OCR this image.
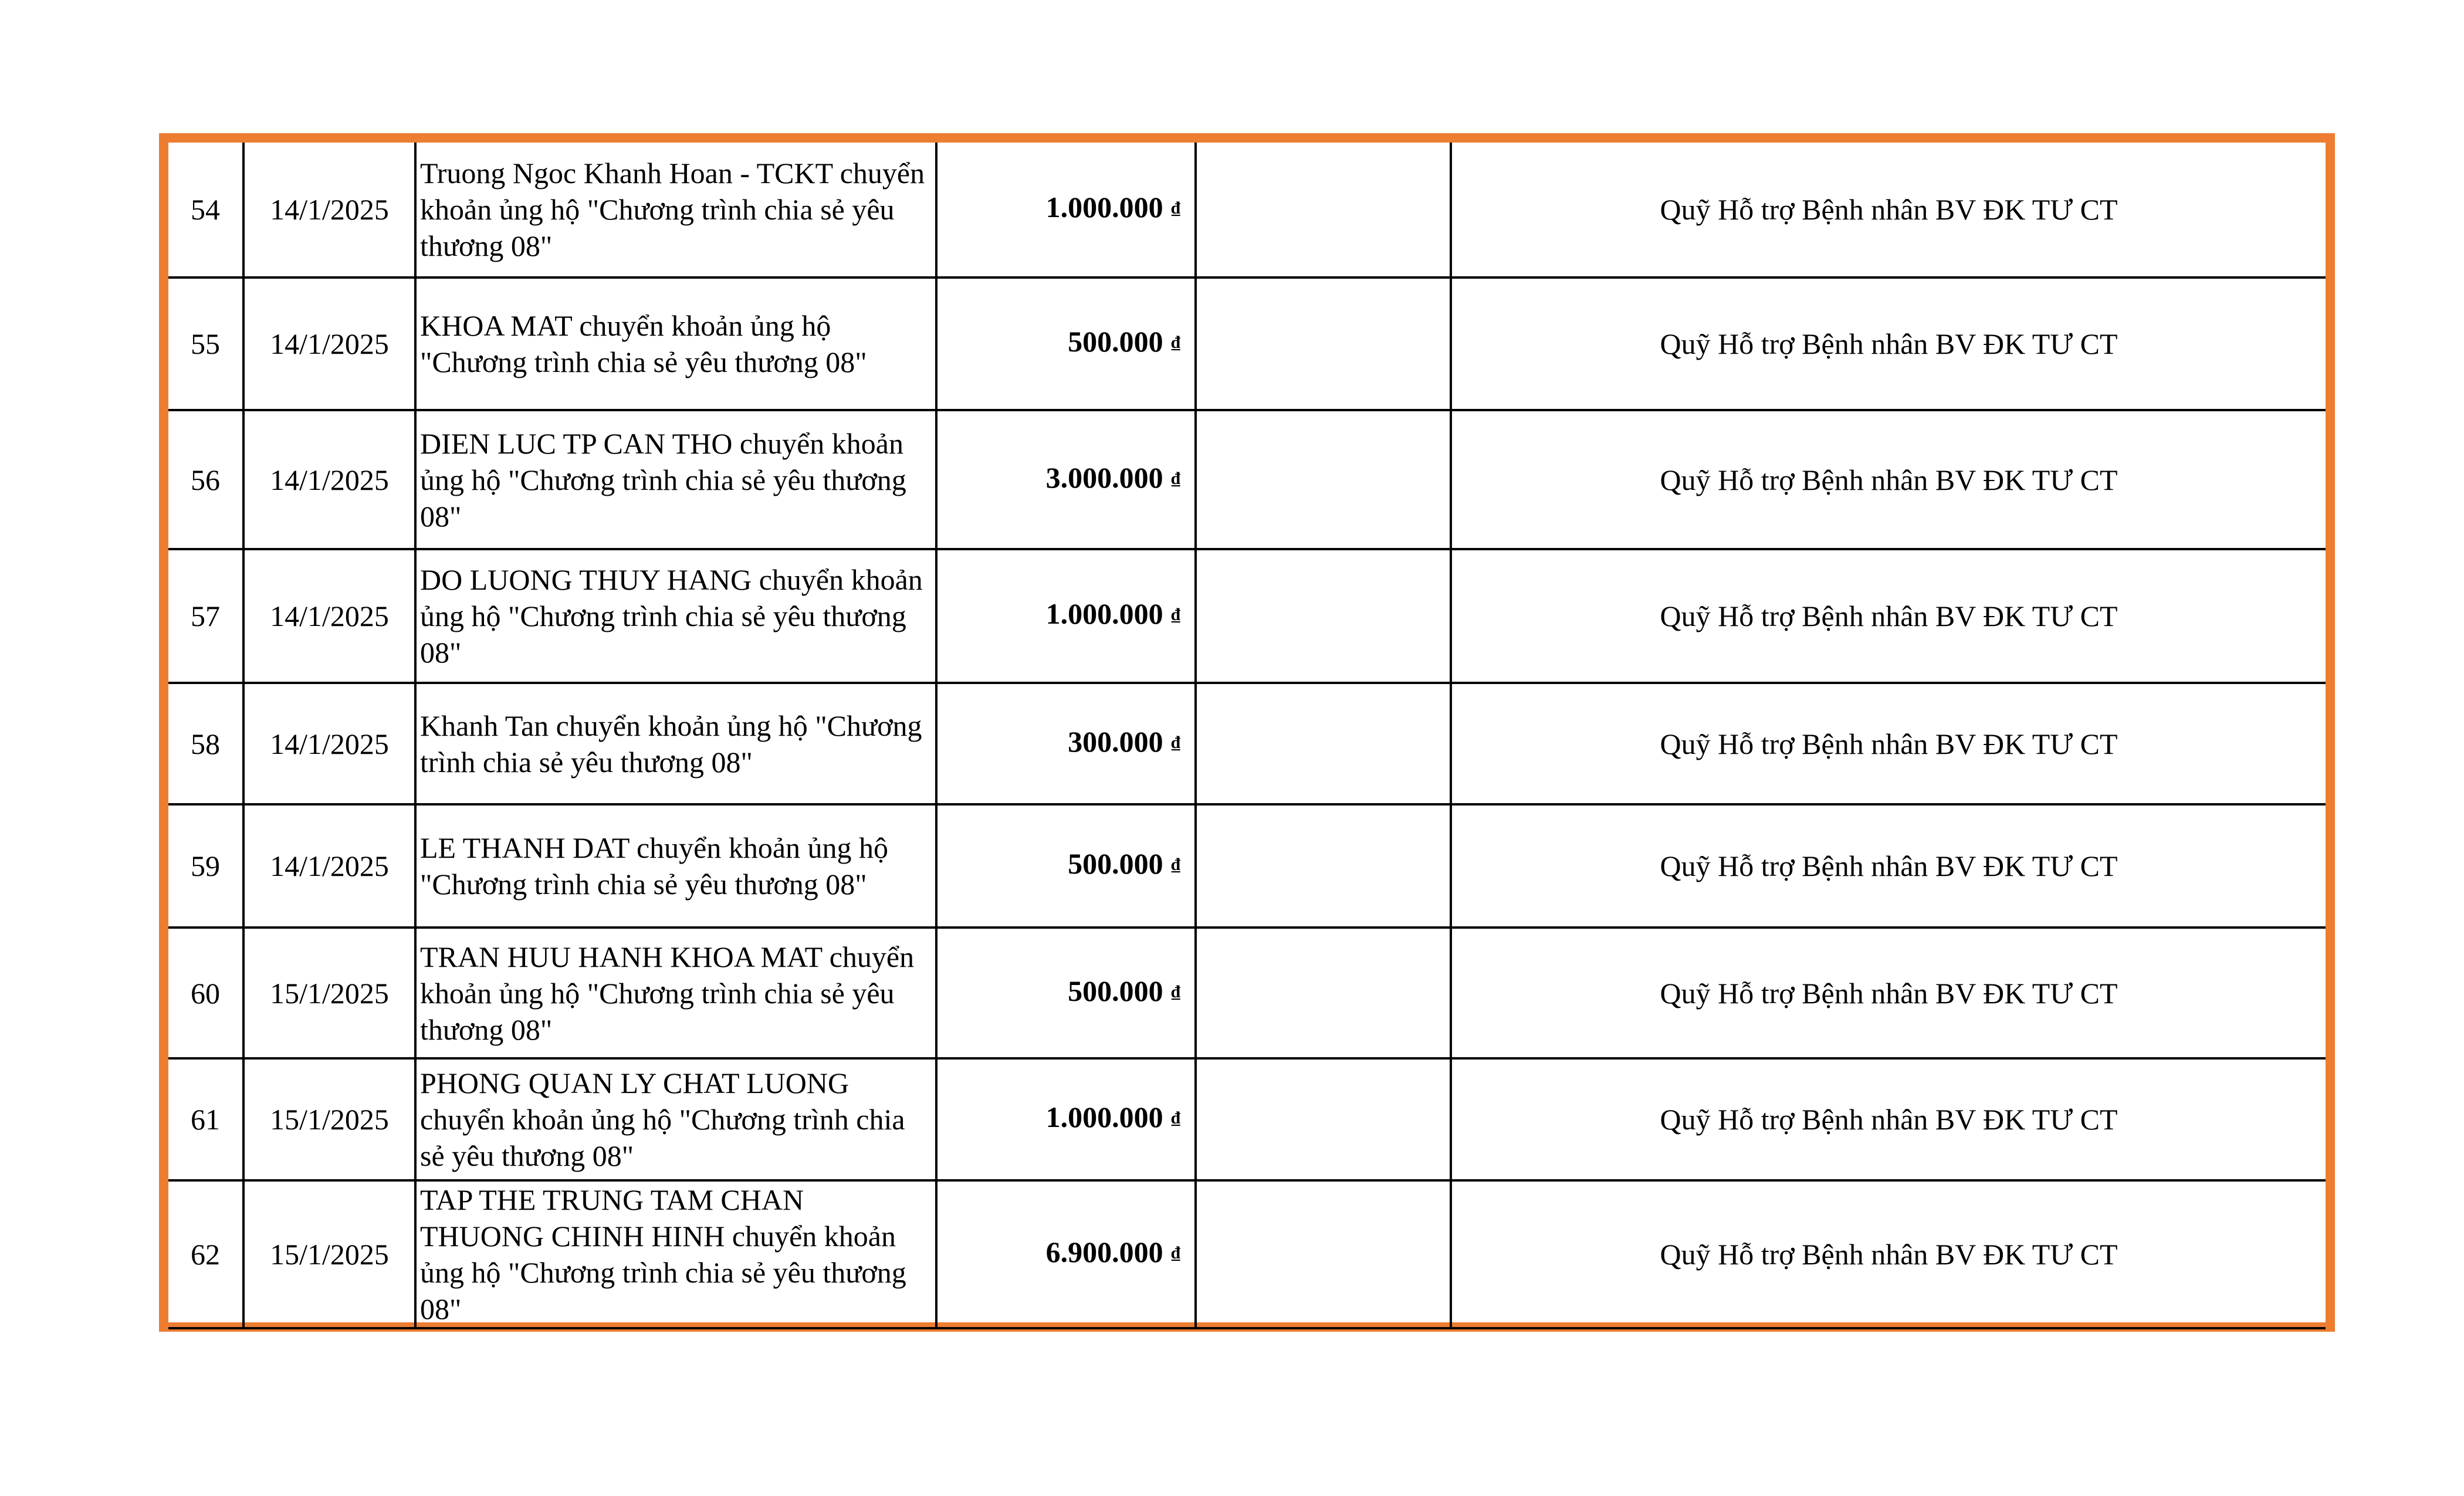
54	14/1/2025	Truong Ngoc Khanh Hoan - TCKT chuyển khoản ủng hộ "Chương trình chia sẻ yêu thương 08"	1.000.000 ₫		Quỹ Hỗ trợ Bệnh nhân BV ĐK TƯ CT
55	14/1/2025	KHOA MAT chuyển khoản ủng hộ "Chương trình chia sẻ yêu thương 08"	500.000 ₫		Quỹ Hỗ trợ Bệnh nhân BV ĐK TƯ CT
56	14/1/2025	DIEN LUC TP CAN THO chuyển khoản ủng hộ "Chương trình chia sẻ yêu thương 08"	3.000.000 ₫		Quỹ Hỗ trợ Bệnh nhân BV ĐK TƯ CT
57	14/1/2025	DO LUONG THUY HANG chuyển khoản ủng hộ "Chương trình chia sẻ yêu thương 08"	1.000.000 ₫		Quỹ Hỗ trợ Bệnh nhân BV ĐK TƯ CT
58	14/1/2025	Khanh Tan chuyển khoản ủng hộ "Chương trình chia sẻ yêu thương 08"	300.000 ₫		Quỹ Hỗ trợ Bệnh nhân BV ĐK TƯ CT
59	14/1/2025	LE THANH DAT chuyển khoản ủng hộ "Chương trình chia sẻ yêu thương 08"	500.000 ₫		Quỹ Hỗ trợ Bệnh nhân BV ĐK TƯ CT
60	15/1/2025	TRAN HUU HANH KHOA MAT chuyển khoản ủng hộ "Chương trình chia sẻ yêu thương 08"	500.000 ₫		Quỹ Hỗ trợ Bệnh nhân BV ĐK TƯ CT
61	15/1/2025	PHONG QUAN LY CHAT LUONG chuyển khoản ủng hộ "Chương trình chia sẻ yêu thương 08"	1.000.000 ₫		Quỹ Hỗ trợ Bệnh nhân BV ĐK TƯ CT
62	15/1/2025	TAP THE TRUNG TAM CHAN THUONG CHINH HINH chuyển khoản ủng hộ "Chương trình chia sẻ yêu thương 08"	6.900.000 ₫		Quỹ Hỗ trợ Bệnh nhân BV ĐK TƯ CT
